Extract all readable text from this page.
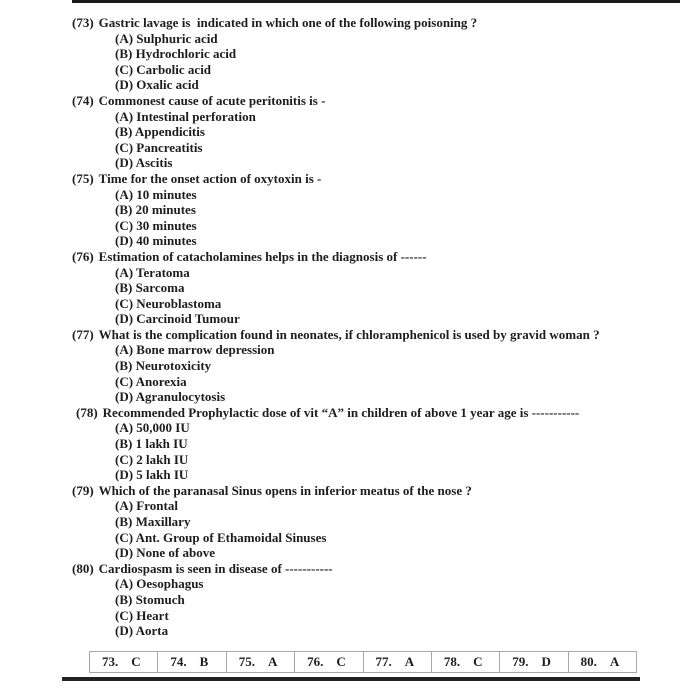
(73) Gastric lavage is  indicated in which one of the following poisoning ?
(A) Sulphuric acid
(B) Hydrochloric acid
(C) Carbolic acid
(D) Oxalic acid
(74) Commonest cause of acute peritonitis is -
(A) Intestinal perforation
(B) Appendicitis
(C) Pancreatitis
(D) Ascitis
(75) Time for the onset action of oxytoxin is -
(A) 10 minutes
(B) 20 minutes
(C) 30 minutes
(D) 40 minutes
(76) Estimation of catacholamines helps in the diagnosis of ------
(A) Teratoma
(B) Sarcoma
(C) Neuroblastoma
(D) Carcinoid Tumour
(77) What is the complication found in neonates, if chloramphenicol is used by gravid woman ?
(A) Bone marrow depression
(B) Neurotoxicity
(C) Anorexia
(D) Agranulocytosis
(78) Recommended Prophylactic dose of vit “A” in children of above 1 year age is -----------
(A) 50,000 IU
(B) 1 lakh IU
(C) 2 lakh IU
(D) 5 lakh IU
(79) Which of the paranasal Sinus opens in inferior meatus of the nose ?
(A) Frontal
(B) Maxillary
(C) Ant. Group of Ethamoidal Sinuses
(D) None of above
(80) Cardiospasm is seen in disease of -----------
(A) Oesophagus
(B) Stomuch
(C) Heart
(D) Aorta
73. C 74. B 75. A 76. C 77. A 78. C 79. D 80. A
